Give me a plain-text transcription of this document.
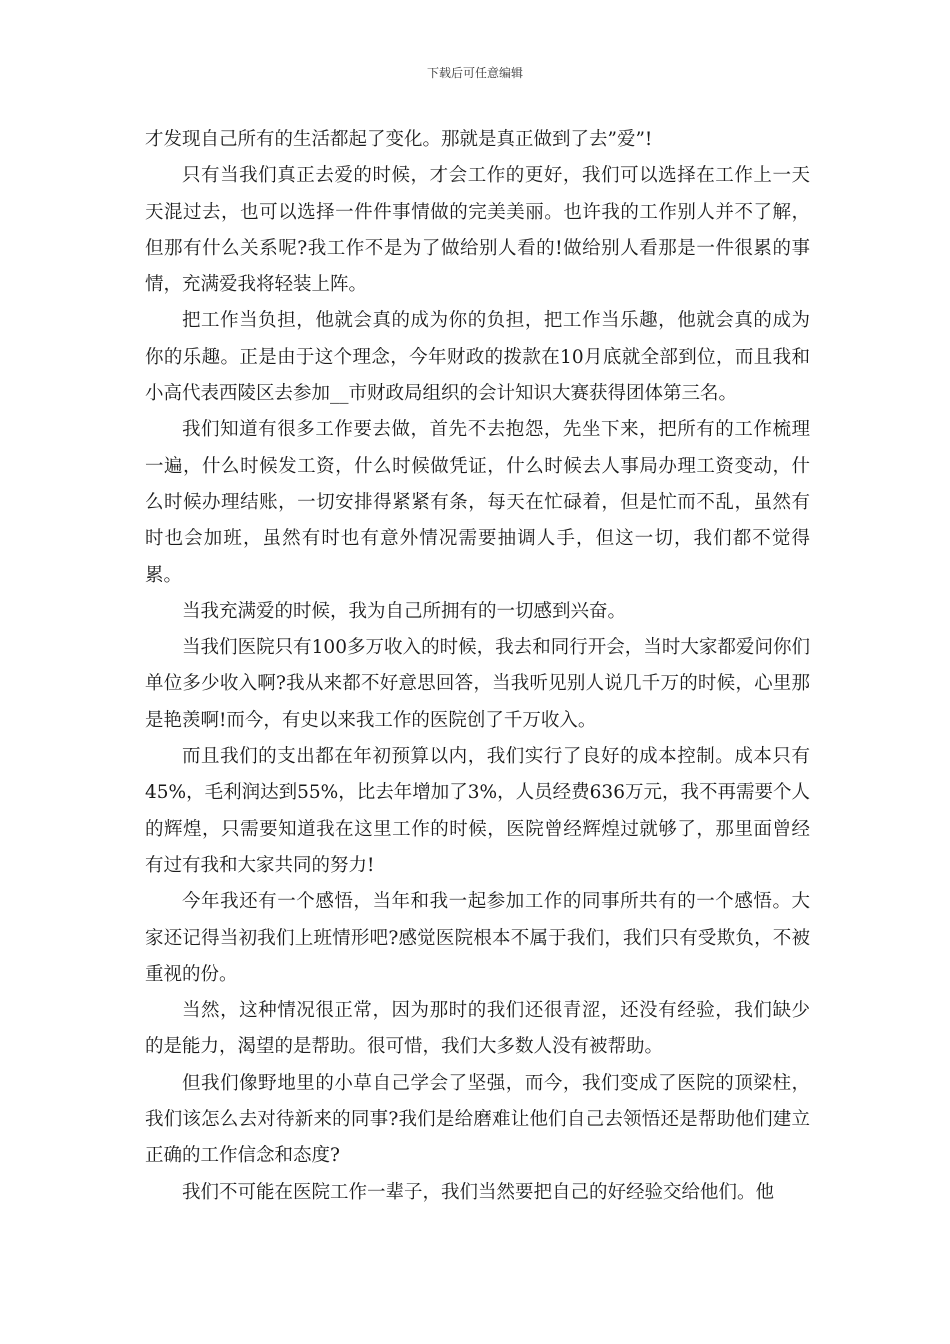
下载后可任意编辑

才发现自己所有的生活都起了变化。那就是真正做到了去”爱”!

只有当我们真正去爱的时候，才会工作的更好，我们可以选择在工作上一天天混过去，也可以选择一件件事情做的完美美丽。也许我的工作别人并不了解，但那有什么关系呢?我工作不是为了做给别人看的!做给别人看那是一件很累的事情，充满爱我将轻装上阵。

把工作当负担，他就会真的成为你的负担，把工作当乐趣，他就会真的成为你的乐趣。正是由于这个理念，今年财政的拨款在10月底就全部到位，而且我和小高代表西陵区去参加__市财政局组织的会计知识大赛获得团体第三名。

我们知道有很多工作要去做，首先不去抱怨，先坐下来，把所有的工作梳理一遍，什么时候发工资，什么时候做凭证，什么时候去人事局办理工资变动，什么时候办理结账，一切安排得紧紧有条，每天在忙碌着，但是忙而不乱，虽然有时也会加班，虽然有时也有意外情况需要抽调人手，但这一切，我们都不觉得累。

当我充满爱的时候，我为自己所拥有的一切感到兴奋。

当我们医院只有100多万收入的时候，我去和同行开会，当时大家都爱问你们单位多少收入啊?我从来都不好意思回答，当我听见别人说几千万的时候，心里那是艳羡啊!而今，有史以来我工作的医院创了千万收入。

而且我们的支出都在年初预算以内，我们实行了良好的成本控制。成本只有45%，毛利润达到55%，比去年增加了3%，人员经费636万元，我不再需要个人的辉煌，只需要知道我在这里工作的时候，医院曾经辉煌过就够了，那里面曾经有过有我和大家共同的努力!

今年我还有一个感悟，当年和我一起参加工作的同事所共有的一个感悟。大家还记得当初我们上班情形吧?感觉医院根本不属于我们，我们只有受欺负，不被重视的份。

当然，这种情况很正常，因为那时的我们还很青涩，还没有经验，我们缺少的是能力，渴望的是帮助。很可惜，我们大多数人没有被帮助。

但我们像野地里的小草自己学会了坚强，而今，我们变成了医院的顶梁柱，我们该怎么去对待新来的同事?我们是给磨难让他们自己去领悟还是帮助他们建立正确的工作信念和态度?

我们不可能在医院工作一辈子，我们当然要把自己的好经验交给他们。他
